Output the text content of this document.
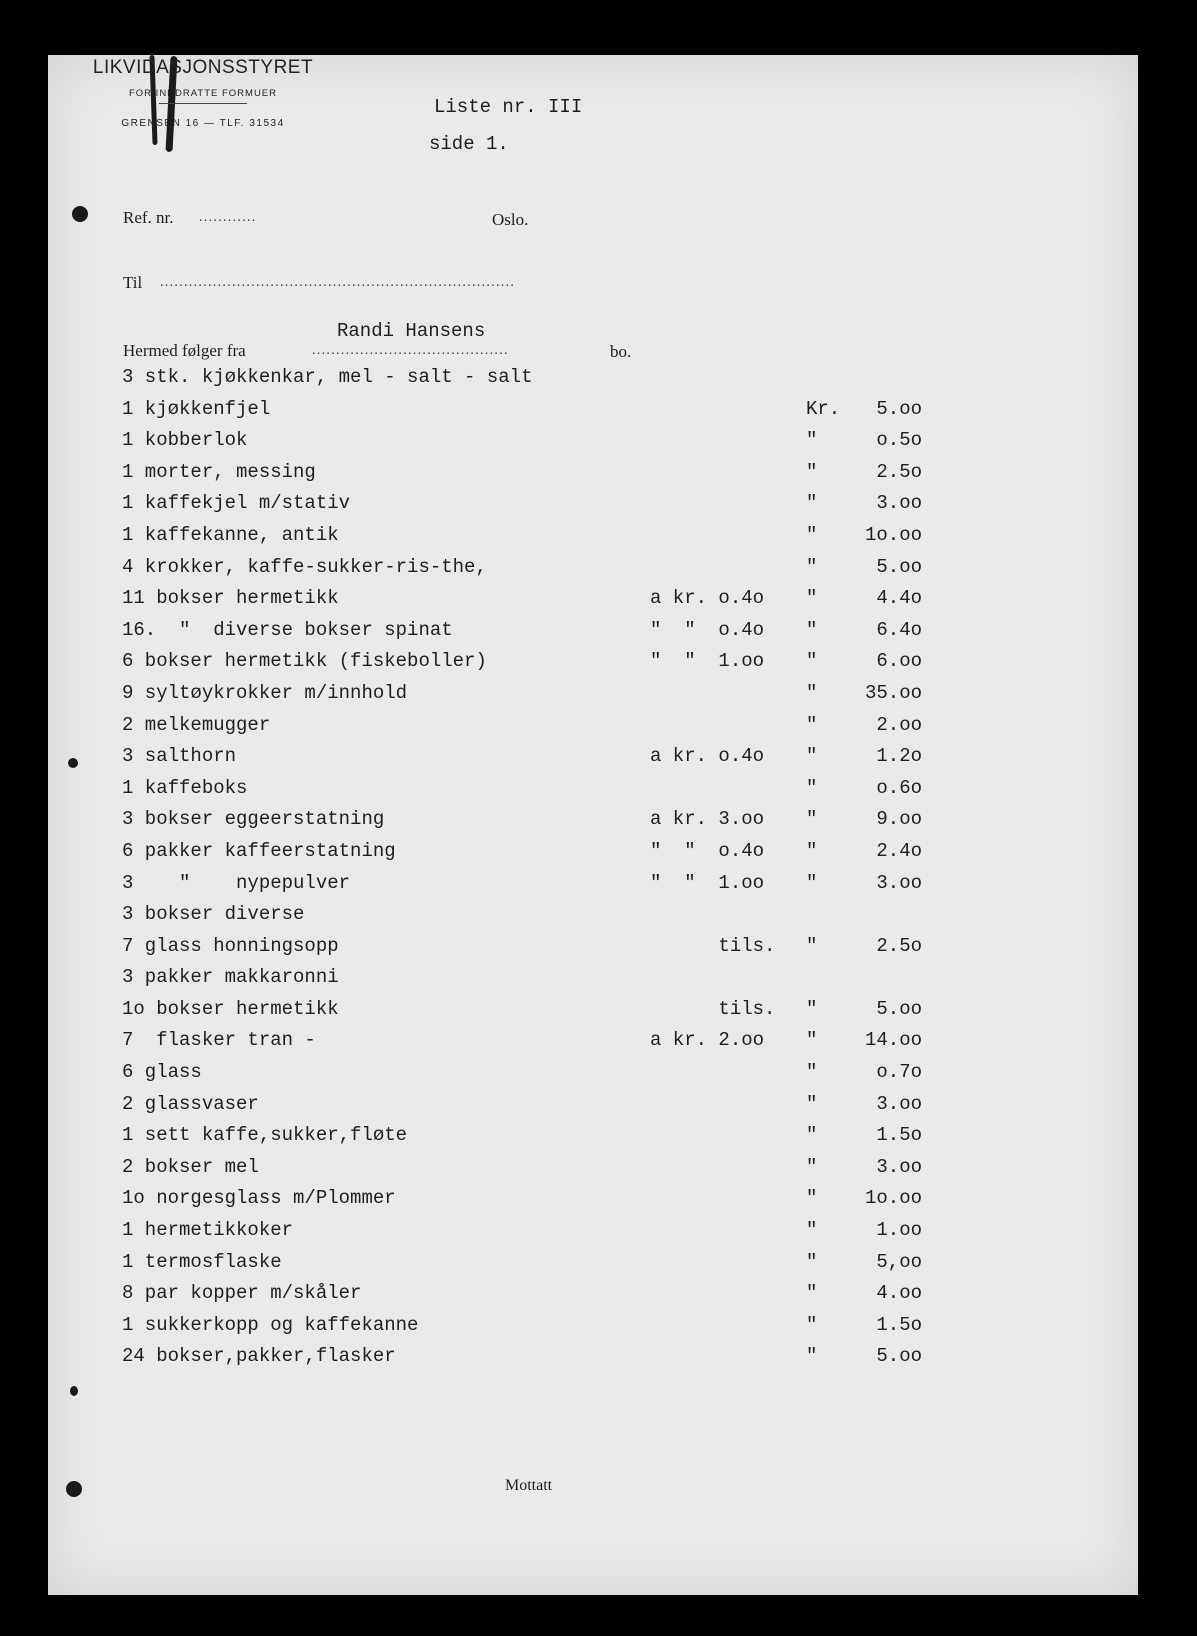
LIKVIDASJONSSTYRET
FOR INNDRATTE FORMUER
GRENSEN 16 — TLF. 31534
Liste nr. III
side 1.
Ref. nr. ............	Oslo.
Til ..........................................................................
Randi Hansens
Hermed følger fra	.........................................	bo.
3 stk. kjøkkenkar, mel - salt - salt
1 kjøkkenfjel	Kr. 5.oo
1 kobberlok	"	o.5o
1 morter, messing	"	2.5o
1 kaffekjel m/stativ	"	3.oo
1 kaffekanne, antik	"	1o.oo
4 krokker, kaffe-sukker-ris-the,	"	5.oo
11 bokser hermetikk	a kr. o.4o "	4.4o
16.  "  diverse bokser spinat	"  "  o.4o "	6.4o
6 bokser hermetikk (fiskeboller)	"  "  1.oo "	6.oo
9 syltøykrokker m/innhold	"	35.oo
2 melkemugger	"	2.oo
3 salthorn	a kr. o.4o "	1.2o
1 kaffeboks	"	o.6o
3 bokser eggeerstatning	a kr. 3.oo "	9.oo
6 pakker kaffeerstatning	"  "  o.4o "	2.4o
3    "    nypepulver	"  "  1.oo "	3.oo
3 bokser diverse
7 glass honningsopp	tils. "	2.5o
3 pakker makkaronni
1o bokser hermetikk	tils. "	5.oo
7  flasker tran -	a kr. 2.oo "	14.oo
6 glass	"	o.7o
2 glassvaser	"	3.oo
1 sett kaffe,sukker,fløte	"	1.5o
2 bokser mel	"	3.oo
1o norgesglass m/Plommer	"	1o.oo
1 hermetikkoker	"	1.oo
1 termosflaske	"	5,oo
8 par kopper m/skåler	"	4.oo
1 sukkerkopp og kaffekanne	"	1.5o
24 bokser,pakker,flasker	"	5.oo
Mottatt
